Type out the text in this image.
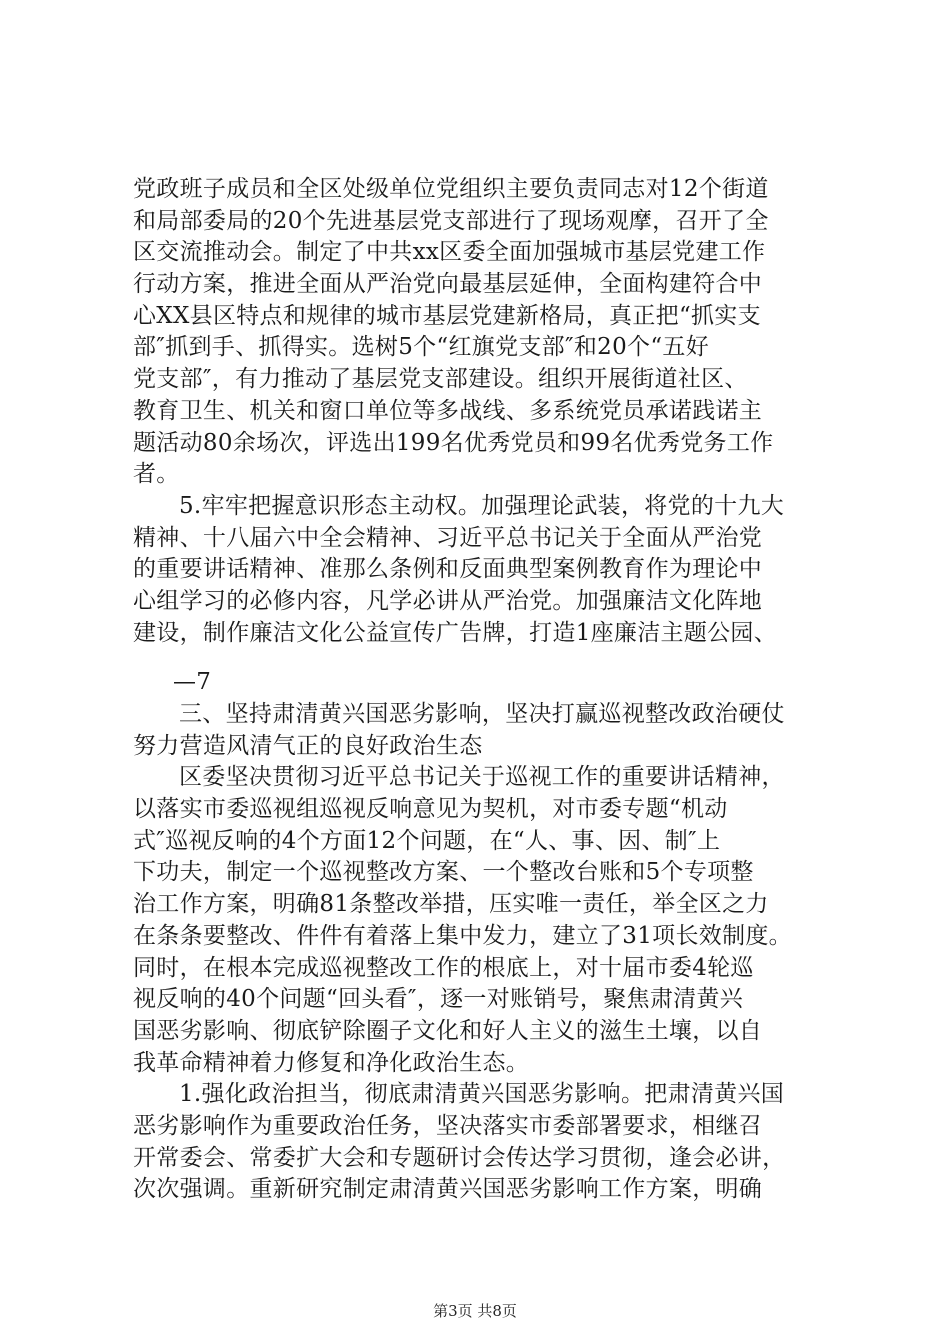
党政班子成员和全区处级单位党组织主要负责同志对12个街道
和局部委局的20个先进基层党支部进行了现场观摩，召开了全
区交流推动会。制定了中共xx区委全面加强城市基层党建工作
行动方案，推进全面从严治党向最基层延伸，全面构建符合中
心XX县区特点和规律的城市基层党建新格局，真正把“抓实支
部″抓到手、抓得实。选树5个“红旗党支部″和20个“五好
党支部″，有力推动了基层党支部建设。组织开展街道社区、
教育卫生、机关和窗口单位等多战线、多系统党员承诺践诺主
题活动80余场次，评选出199名优秀党员和99名优秀党务工作
者。
5.牢牢把握意识形态主动权。加强理论武装，将党的十九大
精神、十八届六中全会精神、习近平总书记关于全面从严治党
的重要讲话精神、准那么条例和反面典型案例教育作为理论中
心组学习的必修内容，凡学必讲从严治党。加强廉洁文化阵地
建设，制作廉洁文化公益宣传广告牌，打造1座廉洁主题公园、
—7
三、坚持肃清黄兴国恶劣影响，坚决打赢巡视整改政治硬仗
努力营造风清气正的良好政治生态
区委坚决贯彻习近平总书记关于巡视工作的重要讲话精神，
以落实市委巡视组巡视反响意见为契机，对市委专题“机动
式″巡视反响的4个方面12个问题，在“人、事、因、制″上
下功夫，制定一个巡视整改方案、一个整改台账和5个专项整
治工作方案，明确81条整改举措，压实唯一责任，举全区之力
在条条要整改、件件有着落上集中发力，建立了31项长效制度。
同时，在根本完成巡视整改工作的根底上，对十届市委4轮巡
视反响的40个问题“回头看″，逐一对账销号，聚焦肃清黄兴
国恶劣影响、彻底铲除圈子文化和好人主义的滋生土壤，以自
我革命精神着力修复和净化政治生态。
1.强化政治担当，彻底肃清黄兴国恶劣影响。把肃清黄兴国
恶劣影响作为重要政治任务，坚决落实市委部署要求，相继召
开常委会、常委扩大会和专题研讨会传达学习贯彻，逢会必讲，
次次强调。重新研究制定肃清黄兴国恶劣影响工作方案，明确
第3页 共8页
